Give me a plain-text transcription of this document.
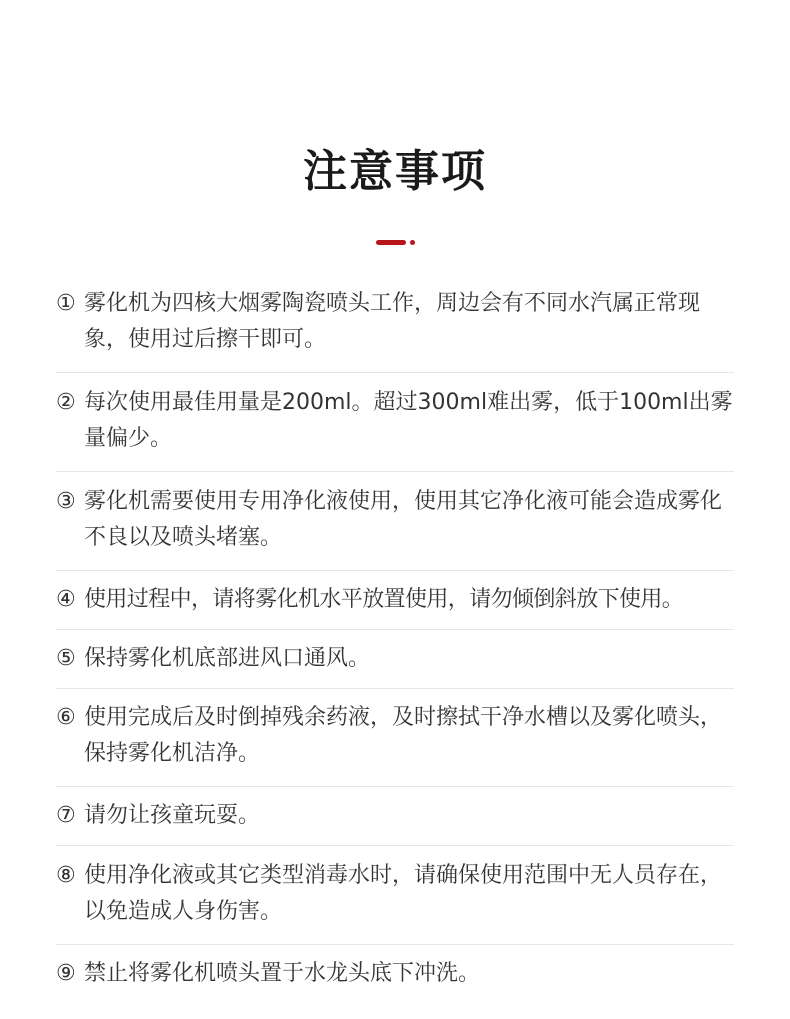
注意事项
① 雾化机为四核大烟雾陶瓷喷头工作，周边会有不同水汽属正常现象，使用过后擦干即可。
② 每次使用最佳用量是200ml。超过300ml难出雾，低于100ml出雾量偏少。
③ 雾化机需要使用专用净化液使用，使用其它净化液可能会造成雾化不良以及喷头堵塞。
④ 使用过程中，请将雾化机水平放置使用，请勿倾倒斜放下使用。
⑤ 保持雾化机底部进风口通风。
⑥ 使用完成后及时倒掉残余药液，及时擦拭干净水槽以及雾化喷头，保持雾化机洁净。
⑦ 请勿让孩童玩耍。
⑧ 使用净化液或其它类型消毒水时，请确保使用范围中无人员存在，以免造成人身伤害。
⑨ 禁止将雾化机喷头置于水龙头底下冲洗。
